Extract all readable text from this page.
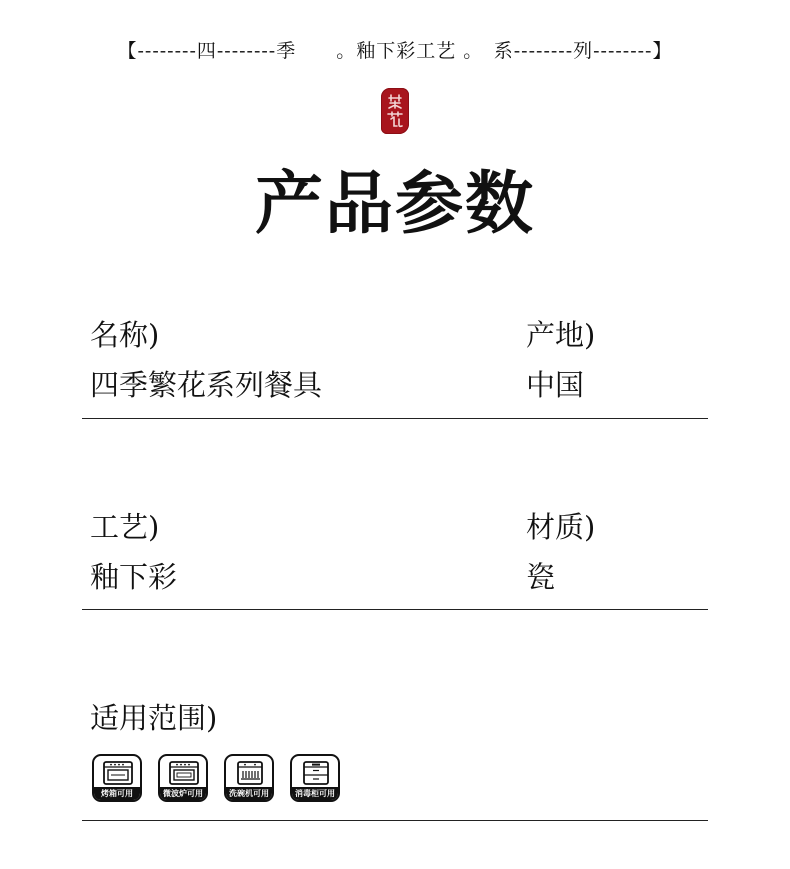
【--------四--------季　　。釉下彩工艺 。　系--------列--------】
产品参数
名称)
四季繁花系列餐具
产地)
中国
工艺)
釉下彩
材质)
瓷
适用范围)
烤箱可用	微波炉可用	洗碗机可用	消毒柜可用
